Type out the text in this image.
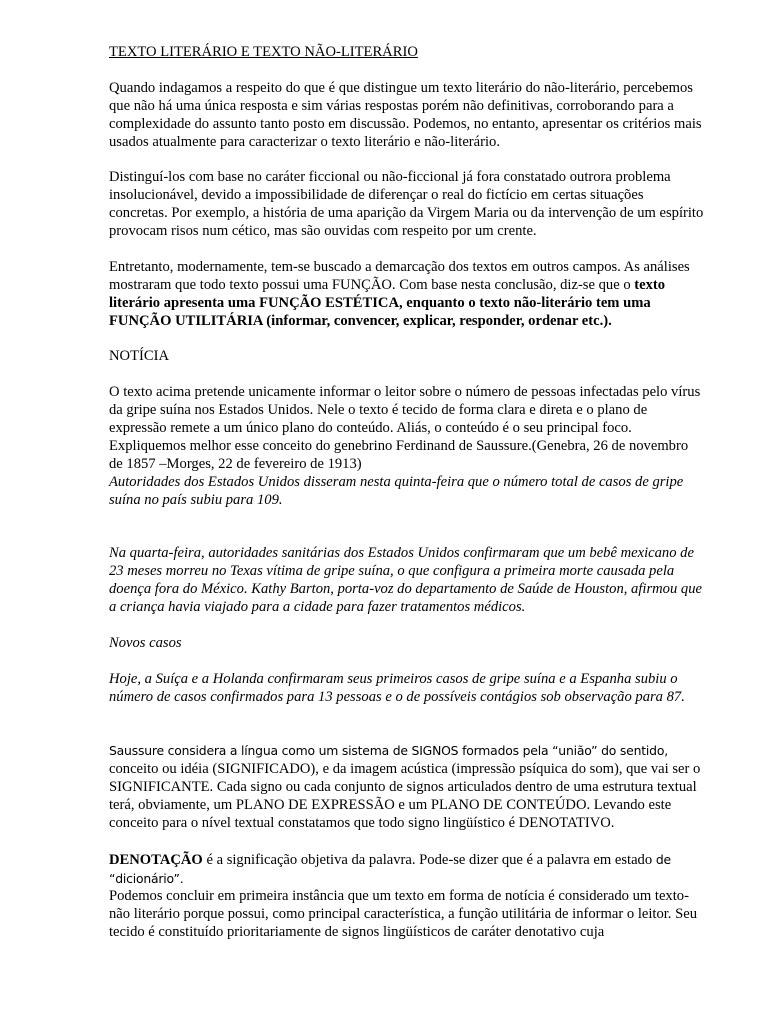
TEXTO LITERÁRIO E TEXTO NÃO-LITERÁRIO

Quando indagamos a respeito do que é que distingue um texto literário do não-literário, percebemos que não há uma única resposta e sim várias respostas porém não definitivas, corroborando para a complexidade do assunto tanto posto em discussão. Podemos, no entanto, apresentar os critérios mais usados atualmente para caracterizar o texto literário e não-literário.

Distinguí-los com base no caráter ficcional ou não-ficcional já fora constatado outrora problema insolucionável, devido a impossibilidade de diferençar o real do fictício em certas situações concretas. Por exemplo, a história de uma aparição da Virgem Maria ou da intervenção de um espírito provocam risos num cético, mas são ouvidas com respeito por um crente.

Entretanto, modernamente, tem-se buscado a demarcação dos textos em outros campos. As análises mostraram que todo texto possui uma FUNÇÃO. Com base nesta conclusão, diz-se que o texto literário apresenta uma FUNÇÃO ESTÉTICA, enquanto o texto não-literário tem uma FUNÇÃO UTILITÁRIA (informar, convencer, explicar, responder, ordenar etc.).

NOTÍCIA

O texto acima pretende unicamente informar o leitor sobre o número de pessoas infectadas pelo vírus da gripe suína nos Estados Unidos. Nele o texto é tecido de forma clara e direta e o plano de expressão remete a um único plano do conteúdo. Aliás, o conteúdo é o seu principal foco. Expliquemos melhor esse conceito do genebrino Ferdinand de Saussure.(Genebra, 26 de novembro de 1857 –Morges, 22 de fevereiro de 1913)

Autoridades dos Estados Unidos disseram nesta quinta-feira que o número total de casos de gripe suína no país subiu para 109.

Na quarta-feira, autoridades sanitárias dos Estados Unidos confirmaram que um bebê mexicano de 23 meses morreu no Texas vítima de gripe suína, o que configura a primeira morte causada pela doença fora do México. Kathy Barton, porta-voz do departamento de Saúde de Houston, afirmou que a criança havia viajado para a cidade para fazer tratamentos médicos.

Novos casos

Hoje, a Suíça e a Holanda confirmaram seus primeiros casos de gripe suína e a Espanha subiu o número de casos confirmados para 13 pessoas e o de possíveis contágios sob observação para 87.

Saussure considera a língua como um sistema de SIGNOS formados pela “união” do sentido, conceito ou idéia (SIGNIFICADO), e da imagem acústica (impressão psíquica do som), que vai ser o SIGNIFICANTE. Cada signo ou cada conjunto de signos articulados dentro de uma estrutura textual terá, obviamente, um PLANO DE EXPRESSÃO e um PLANO DE CONTEÚDO. Levando este conceito para o nível textual constatamos que todo signo lingüístico é DENOTATIVO.

DENOTAÇÃO é a significação objetiva da palavra. Pode-se dizer que é a palavra em estado de “dicionário”.

Podemos concluir em primeira instância que um texto em forma de notícia é considerado um texto-não literário porque possui, como principal característica, a função utilitária de informar o leitor. Seu tecido é constituído prioritariamente de signos lingüísticos de caráter denotativo cuja
